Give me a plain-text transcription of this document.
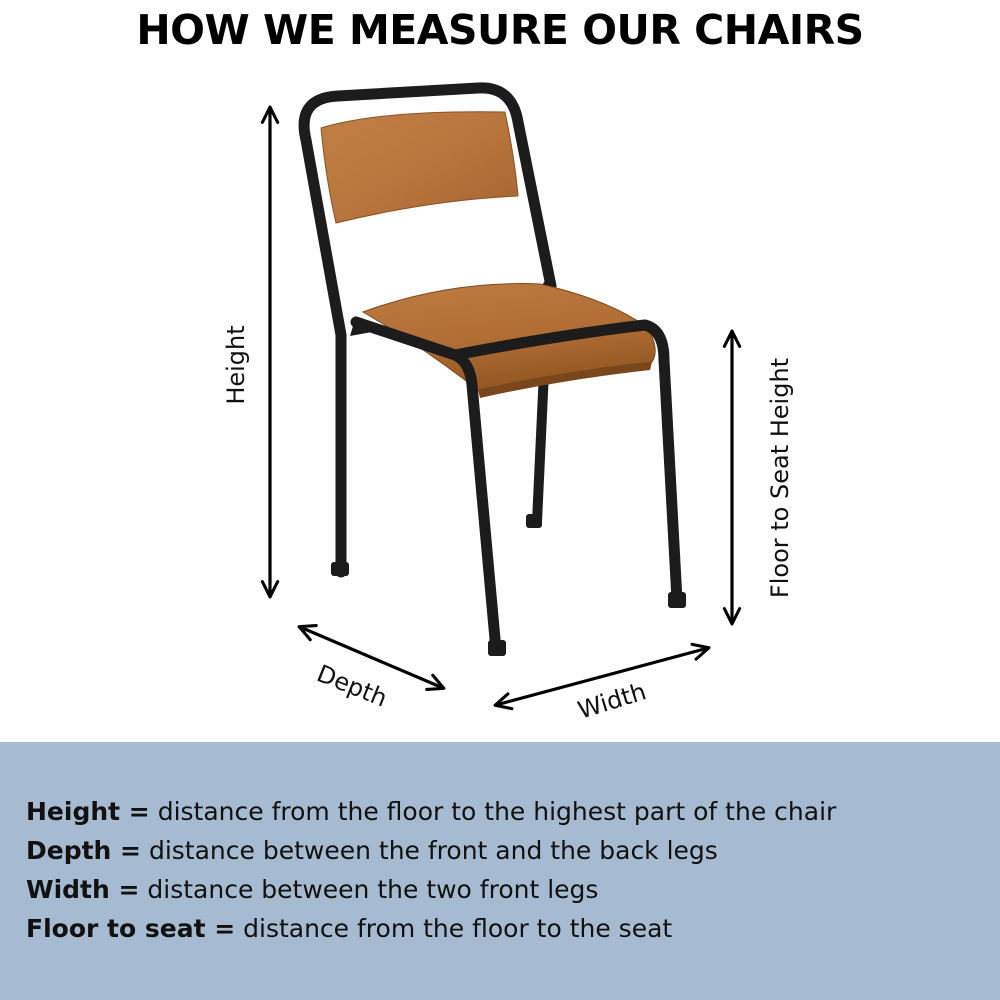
HOW WE MEASURE OUR CHAIRS
Height	Floor to Seat Height
Depth	Width
Height = distance from the floor to the highest part of the chair
Depth = distance between the front and the back legs
Width = distance between the two front legs
Floor to seat = distance from the floor to the seat
